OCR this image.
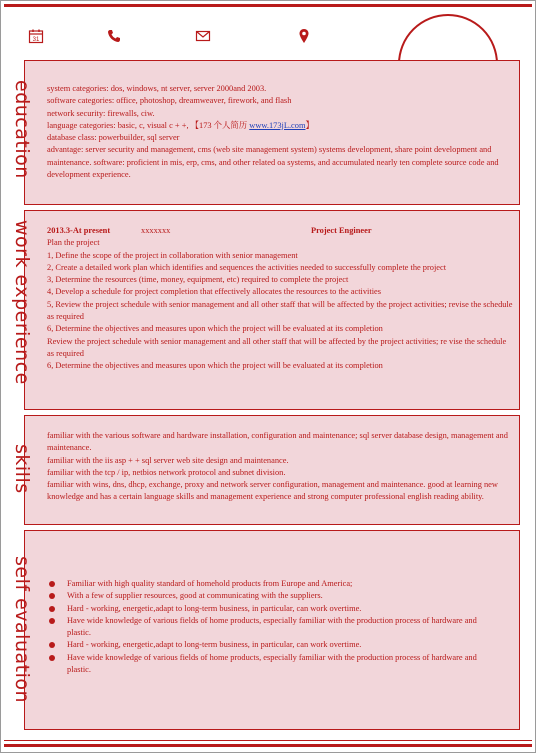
31

system categories: dos, windows, nt server, server 2000and 2003.

software categories: office, photoshop, dreamweaver, firework, and flash

network security: firewalls, ciw.

language categories: basic, c, visual c + +, 【173 个人简历 www.173jL.com】

database class: powerbuilder, sql server

advantage: server security and management, cms (web site management system) systems development, share point development and maintenance. software: proficient in mis, erp, cms, and other related oa systems, and accumulated nearly ten complete source code and development experience.

education
2013.3-At present	xxxxxxx	Project Engineer

Plan the project

1, Define the scope of the project in collaboration with senior management

2, Create a detailed work plan which identifies and sequences the activities needed to successfully complete the project

3, Determine the resources (time, money, equipment, etc) required to complete the project

4, Develop a schedule for project completion that effectively allocates the resources to the activities

5, Review the project schedule with senior management and all other staff that will be affected by the project activities; revise the schedule as required

6, Determine the objectives and measures upon which the project will be evaluated at its completion

Review the project schedule with senior management and all other staff that will be affected by the project activities; re vise the schedule as required

6, Determine the objectives and measures upon which the project will be evaluated at its completion

work experience

familiar with the various software and hardware installation, configuration and maintenance; sql server database design, management and maintenance.

familiar with the iis asp + + sql server web site design and maintenance.

familiar with the tcp / ip, netbios network protocol and subnet division.

familiar with wins, dns, dhcp, exchange, proxy and network server configuration, management and maintenance. good at learning new knowledge and has a certain language skills and management experience and strong computer professional english reading ability.

skills
Familiar with high quality standard of homehold products from Europe and America;
With a few of supplier resources, good at communicating with the suppliers.
Hard - working, energetic,adapt to long-term business, in particular, can work overtime.
Have wide knowledge of various fields of home products, especially familiar with the production process of hardware and plastic.
Hard - working, energetic,adapt to long-term business, in particular, can work overtime.
Have wide knowledge of various fields of home products, especially familiar with the production process of hardware and plastic.
self evaluation
